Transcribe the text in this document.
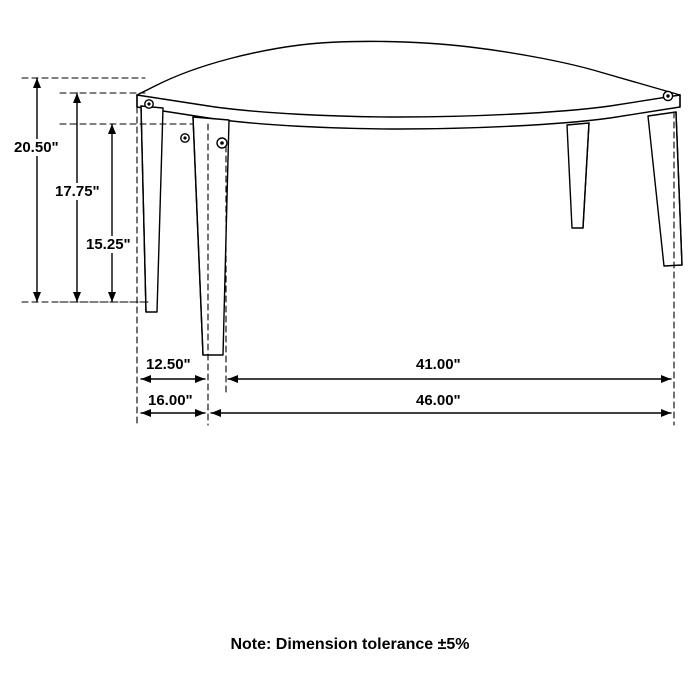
20.50"
17.75"
15.25"
12.50"
16.00"
41.00"
46.00"
Note: Dimension tolerance ±5%
